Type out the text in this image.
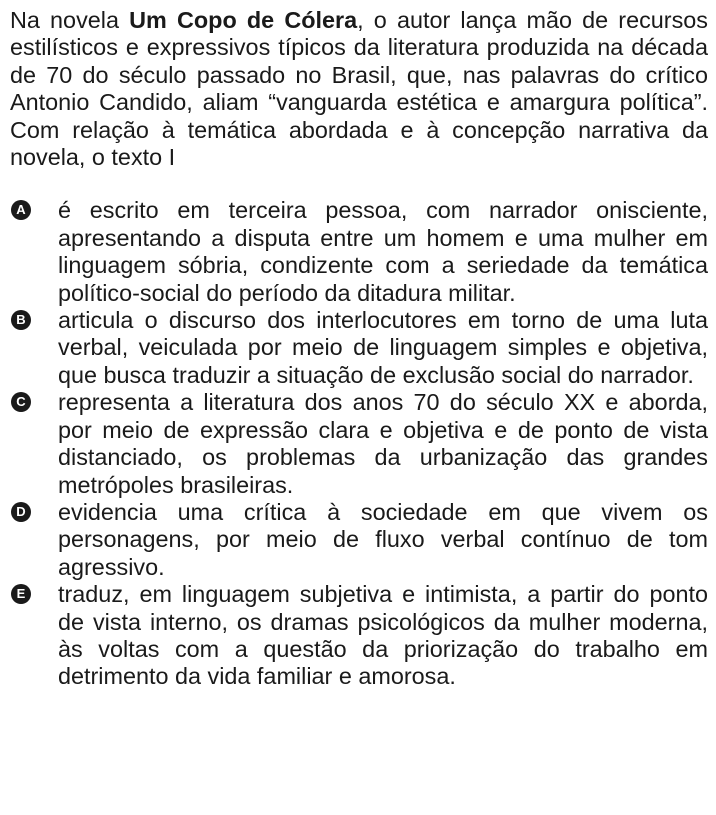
Na novela Um Copo de Cólera, o autor lança mão de recursos estilísticos e expressivos típicos da literatura produzida na década de 70 do século passado no Brasil, que, nas palavras do crítico Antonio Candido, aliam “vanguarda estética e amargura política”. Com relação à temática abordada e à concepção narrativa da novela, o texto I

A é escrito em terceira pessoa, com narrador onisciente, apresentando a disputa entre um homem e uma mulher em linguagem sóbria, condizente com a seriedade da temática político-social do período da ditadura militar.
B articula o discurso dos interlocutores em torno de uma luta verbal, veiculada por meio de linguagem simples e objetiva, que busca traduzir a situação de exclusão social do narrador.
C representa a literatura dos anos 70 do século XX e aborda, por meio de expressão clara e objetiva e de ponto de vista distanciado, os problemas da urbanização das grandes metrópoles brasileiras.
D evidencia uma crítica à sociedade em que vivem os personagens, por meio de fluxo verbal contínuo de tom agressivo.
E traduz, em linguagem subjetiva e intimista, a partir do ponto de vista interno, os dramas psicológicos da mulher moderna, às voltas com a questão da priorização do trabalho em detrimento da vida familiar e amorosa.
